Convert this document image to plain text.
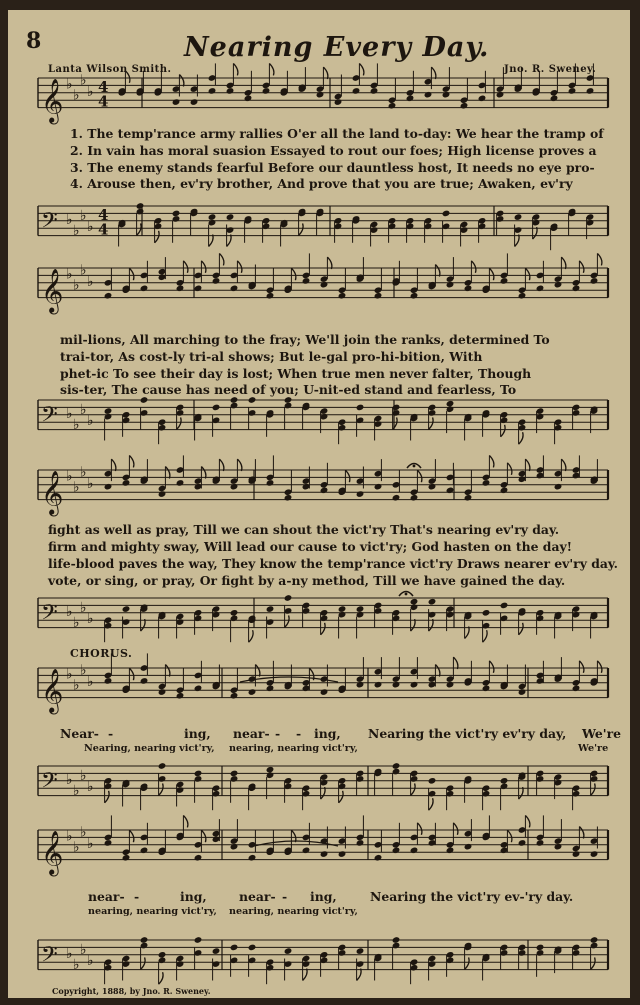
𝄞 ♭
♭
♭
♭ 4
4
𝄢 ♭
♭
♭
♭
4
4
𝄞 ♭
♭
♭
♭
𝄢 ♭
♭
♭
♭
𝄞 ♭
♭
♭
♭
𝄢 ♭
♭
♭
♭
𝄞 ♭
♭
♭
♭
𝄢 ♭
♭
♭
♭
𝄞 ♭
♭
♭
♭
𝄢 ♭
♭
♭
♭
8	Nearing Every Day.
Lanta Wilson Smith.	Jno. R. Sweney.
1. The temp'rance army rallies O'er all the land to-day: We hear the tramp of
2. In vain has moral suasion Essayed to rout our foes; High license proves a
3. The enemy stands fearful Before our dauntless host, It needs no eye pro-
4. Arouse then, ev'ry brother, And prove that you are true; Awaken, ev'ry
mil-lions, All marching to the fray; We'll join the ranks, determined To
trai-tor, As cost-ly tri-al shows; But le-gal pro-hi-bition, With
phet-ic To see their day is lost; When true men never falter, Though
sis-ter, The cause has need of you; U-nit-ed stand and fearless, To
fight as well as pray, Till we can shout the vict'ry That's nearing ev'ry day.
firm and mighty sway, Will lead our cause to vict'ry; God hasten on the day!
life-blood paves the way, They know the temp'rance vict'ry Draws nearer ev'ry day.
vote, or sing, or pray, Or fight by a-ny method, Till we have gained the day.
CHORUS.
Near- -	ing, near- - - ing, Nearing the vict'ry ev'ry day, We're
Nearing, nearing vict'ry, nearing, nearing vict'ry,	We're
near- -	ing,	near- - ing,	Nearing the vict'ry ev-'ry day.
nearing, nearing vict'ry, nearing, nearing vict'ry,
Copyright, 1888, by Jno. R. Sweney.
